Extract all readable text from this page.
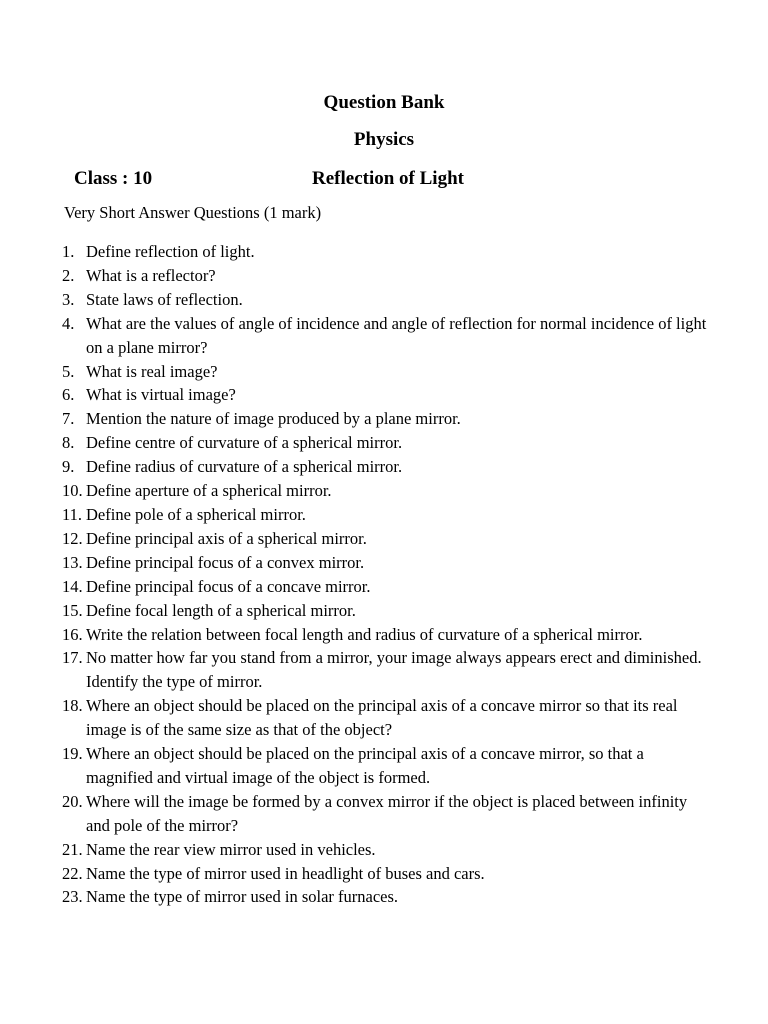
Question Bank
Physics
Class : 10	Reflection of Light
Very Short Answer Questions (1 mark)
1. Define reflection of light.
2. What is a reflector?
3. State laws of reflection.
4. What are the values of angle of incidence and angle of reflection for normal incidence of light on a plane mirror?
5. What is real image?
6. What is virtual image?
7. Mention the nature of image produced by a plane mirror.
8. Define centre of curvature of a spherical mirror.
9. Define radius of curvature of a spherical mirror.
10. Define aperture of a spherical mirror.
11. Define pole of a spherical mirror.
12. Define principal axis of a spherical mirror.
13. Define principal focus of a convex mirror.
14. Define principal focus of a concave mirror.
15. Define focal length of a spherical mirror.
16. Write the relation between focal length and radius of curvature of a spherical mirror.
17. No matter how far you stand from a mirror, your image always appears erect and diminished. Identify the type of mirror.
18. Where an object should be placed on the principal axis of a concave mirror so that its real image is of the same size as that of the object?
19. Where an object should be placed on the principal axis of a concave mirror, so that a magnified and virtual image of the object is formed.
20. Where will the image be formed by a convex mirror if the object is placed between infinity and pole of the mirror?
21. Name the rear view mirror used in vehicles.
22. Name the type of mirror used in headlight of buses and cars.
23. Name the type of mirror used in solar furnaces.
